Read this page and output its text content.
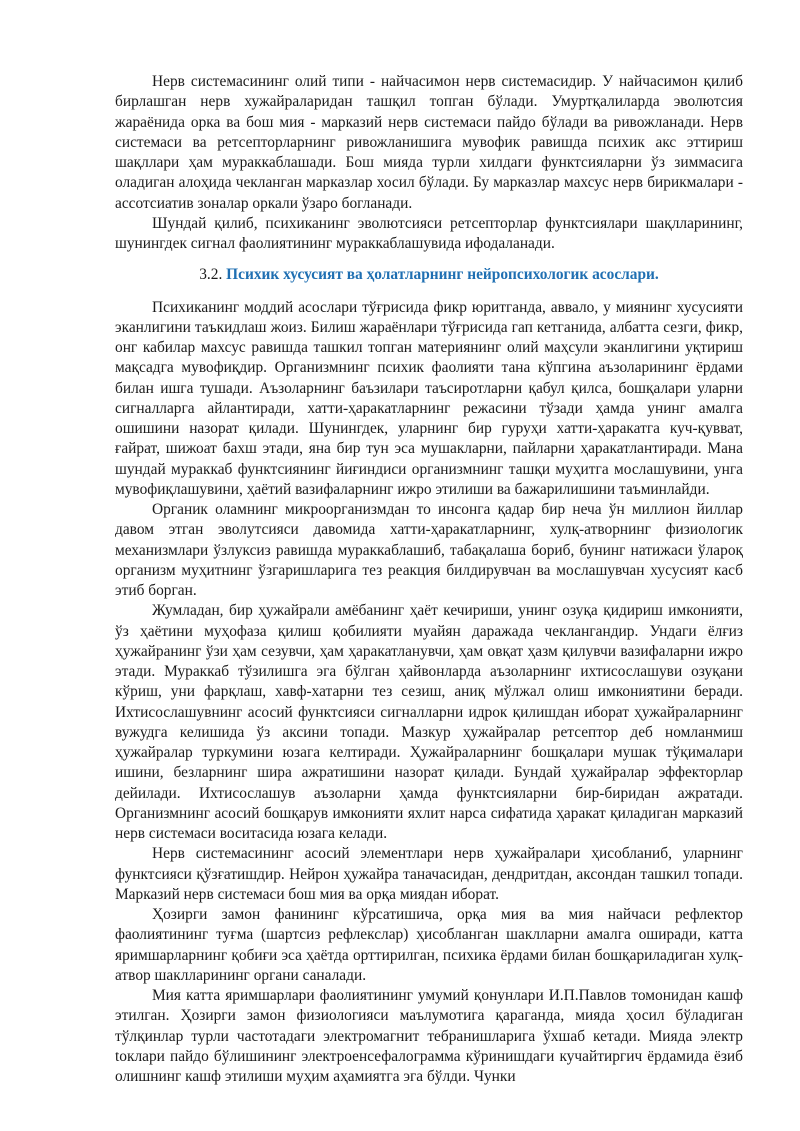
Нерв системасининг олий типи - найчасимон нерв системасидир. У найчасимон қилиб бирлашган нерв хужайраларидан ташқил топган бўлади. Умуртқалиларда эволютсия жараёнида орка ва бош мия - марказий нерв системаси пайдо бўлади ва ривожланади. Нерв системаси ва ретсепторларнинг ривожланишига мувофик равишда психик акс эттириш шақллари ҳам мураккаблашади. Бош мияда турли хилдаги функтсияларни ўз зиммасига оладиган алоҳида чекланган марказлар хосил бўлади. Бу марказлар махсус нерв бирикмалари - ассотсиатив зоналар оркали ўзаро богланади.

Шундай қилиб, психиканинг эволютсияси ретсепторлар функтсиялари шақлларининг, шунингдек сигнал фаолиятининг мураккаблашувида ифодаланади.

3.2. Психик хусусият ва ҳолатларнинг нейропсихологик асослари.

Психиканинг моддий асослари тўғрисида фикр юритганда, аввало, у миянинг хусусияти эканлигини таъкидлаш жоиз. Билиш жараёнлари тўғрисида гап кетганида, албатта сезги, фикр, онг кабилар махсус равишда ташкил топган материянинг олий маҳсули эканлигини уқтириш мақсадга мувофиқдир. Организмнинг психик фаолияти тана кўпгина аъзоларининг ёрдами билан ишга тушади. Аъзоларнинг баъзилари таъсиротларни қабул қилса, бошқалари уларни сигналларга айлантиради, хатти-ҳаракатларнинг режасини тўзади ҳамда унинг амалга ошишини назорат қилади. Шунингдек, уларнинг бир гуруҳи хатти-ҳаракатга куч-қувват, ғайрат, шижоат бахш этади, яна бир тун эса мушакларни, пайларни ҳаракатлантиради. Мана шундай мураккаб функтсиянинг йиғиндиси организмнинг ташқи муҳитга мослашувини, унга мувофиқлашувини, ҳаётий вазифаларнинг ижро этилиши ва бажарилишини таъминлайди.

Органик оламнинг микроорганизмдан то инсонга қадар бир неча ўн миллион йиллар давом этган эволутсияси давомида хатти-ҳаракатларнинг, хулқ-атворнинг физиологик механизмлари ўзлуксиз равишда мураккаблашиб, табақалаша бориб, бунинг натижаси ўлароқ организм муҳитнинг ўзгаришларига тез реакция билдирувчан ва мослашувчан хусусият касб этиб борган.

Жумладан, бир ҳужайрали амёбанинг ҳаёт кечириши, унинг озуқа қидириш имконияти, ўз ҳаётини муҳофаза қилиш қобилияти муайян даражада чеклангандир. Ундаги ёлғиз ҳужайранинг ўзи ҳам сезувчи, ҳам ҳаракатланувчи, ҳам овқат ҳазм қилувчи вазифаларни ижро этади. Мураккаб тўзилишга эга бўлган ҳайвонларда аъзоларнинг ихтисослашуви озуқани кўриш, уни фарқлаш, хавф-хатарни тез сезиш, аниқ мўлжал олиш имкониятини беради. Ихтисослашувнинг асосий функтсияси сигналларни идрок қилишдан иборат ҳужайраларнинг вужудга келишида ўз аксини топади. Мазкур ҳужайралар ретсептор деб номланмиш ҳужайралар туркумини юзага келтиради. Ҳужайраларнинг бошқалари мушак тўқималари ишини, безларнинг шира ажратишини назорат қилади. Бундай ҳужайралар эффекторлар дейилади. Ихтисослашув аъзоларни ҳамда функтсияларни бир-биридан ажратади. Организмнинг асосий бошқарув имконияти яхлит нарса сифатида ҳаракат қиладиган марказий нерв системаси воситасида юзага келади.

Нерв системасининг асосий элементлари нерв ҳужайралари ҳисобланиб, уларнинг функтсияси қўзғатишдир. Нейрон ҳужайра таначасидан, дендритдан, аксондан ташкил топади. Марказий нерв системаси бош мия ва орқа миядан иборат.

Ҳозирги замон фанининг кўрсатишича, орқа мия ва мия найчаси рефлектор фаолиятининг туғма (шартсиз рефлекслар) ҳисобланган шаклларни амалга оширади, катта яримшарларнинг қобиғи эса ҳаётда орттирилган, психика ёрдами билан бошқариладиган хулқ-атвор шаклларининг органи саналади.

Мия катта яримшарлари фаолиятининг умумий қонунлари И.П.Павлов томонидан кашф этилган. Ҳозирги замон физиологияси маълумотига қараганда, мияда ҳосил бўладиган тўлқинлар турли частотадаги электромагнит тебранишларига ўхшаб кетади. Мияда электр toклари пайдо бўлишининг электроенсефалограмма кўринишдаги кучайтиргич ёрдамида ёзиб олишнинг кашф этилиши муҳим аҳамиятга эга бўлди. Чунки
